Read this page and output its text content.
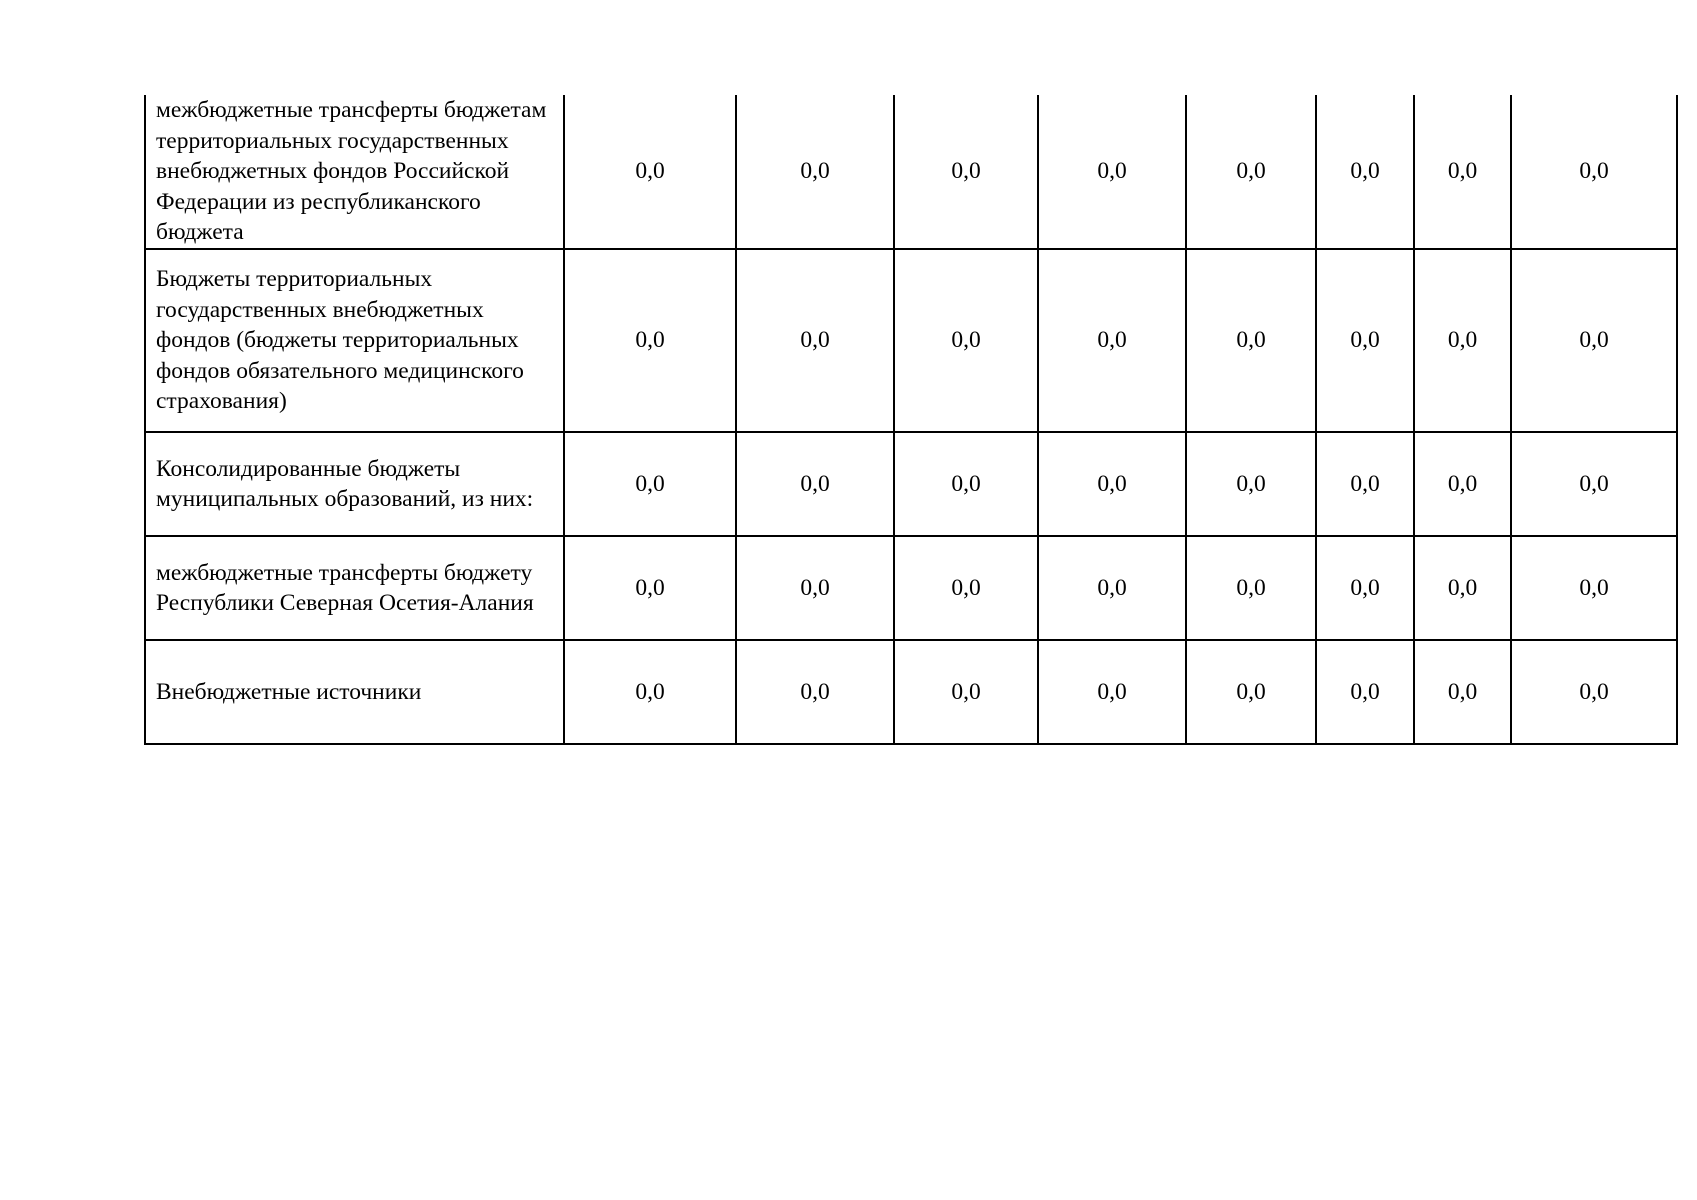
межбюджетные трансферты бюджетам территориальных государственных внебюджетных фондов Российской Федерации из республиканского бюджета	0,0	0,0	0,0	0,0	0,0	0,0	0,0	0,0
Бюджеты территориальных государственных внебюджетных фондов (бюджеты территориальных фондов обязательного медицинского страхования)	0,0	0,0	0,0	0,0	0,0	0,0	0,0	0,0
Консолидированные бюджеты муниципальных образований, из них:	0,0	0,0	0,0	0,0	0,0	0,0	0,0	0,0
межбюджетные трансферты бюджету Республики Северная Осетия-Алания	0,0	0,0	0,0	0,0	0,0	0,0	0,0	0,0
Внебюджетные источники	0,0	0,0	0,0	0,0	0,0	0,0	0,0	0,0
